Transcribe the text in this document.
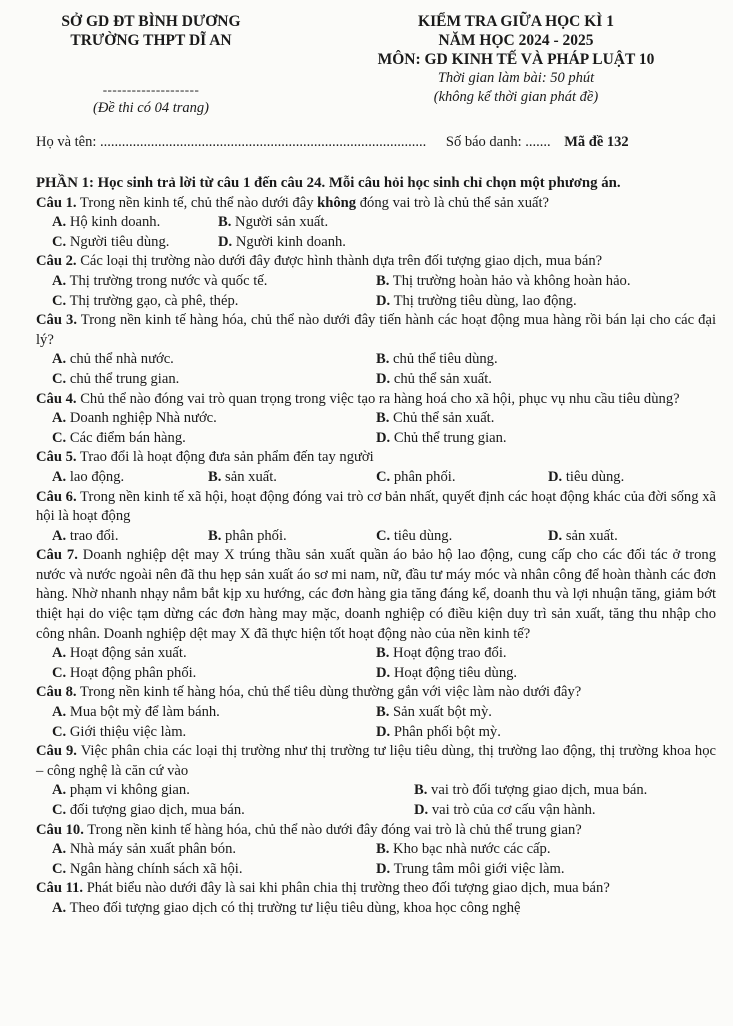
SỞ GD ĐT BÌNH DƯƠNG
TRƯỜNG THPT DĨ AN
--------------------
(Đề thi có 04 trang)
KIỂM TRA GIỮA HỌC KÌ 1
NĂM HỌC 2024 - 2025
MÔN: GD KINH TẾ VÀ PHÁP LUẬT 10
Thời gian làm bài: 50 phút
(không kể thời gian phát đề)
Họ và tên: .......................................................................................... Số báo danh: ....... Mã đề 132

PHẦN 1: Học sinh trả lời từ câu 1 đến câu 24. Mỗi câu hỏi học sinh chỉ chọn một phương án.

Câu 1. Trong nền kinh tế, chủ thể nào dưới đây không đóng vai trò là chủ thể sản xuất?

A. Hộ kinh doanh.	B. Người sản xuất.
C. Người tiêu dùng.	D. Người kinh doanh.

Câu 2. Các loại thị trường nào dưới đây được hình thành dựa trên đối tượng giao dịch, mua bán?

A. Thị trường trong nước và quốc tế.	B. Thị trường hoàn hảo và không hoàn hảo.
C. Thị trường gạo, cà phê, thép.	D. Thị trường tiêu dùng, lao động.

Câu 3. Trong nền kinh tế hàng hóa, chủ thể nào dưới đây tiến hành các hoạt động mua hàng rồi bán lại cho các đại lý?

A. chủ thể nhà nước.	B. chủ thể tiêu dùng.
C. chủ thể trung gian.	D. chủ thể sản xuất.

Câu 4. Chủ thể nào đóng vai trò quan trọng trong việc tạo ra hàng hoá cho xã hội, phục vụ nhu cầu tiêu dùng?

A. Doanh nghiệp Nhà nước.	B. Chủ thể sản xuất.
C. Các điểm bán hàng.	D. Chủ thể trung gian.

Câu 5. Trao đổi là hoạt động đưa sản phẩm đến tay người

A. lao động.	B. sản xuất.	C. phân phối.	D. tiêu dùng.

Câu 6. Trong nền kinh tế xã hội, hoạt động đóng vai trò cơ bản nhất, quyết định các hoạt động khác của đời sống xã hội là hoạt động

A. trao đổi.	B. phân phối.	C. tiêu dùng.	D. sản xuất.

Câu 7. Doanh nghiệp dệt may X trúng thầu sản xuất quần áo bảo hộ lao động, cung cấp cho các đối tác ở trong nước và nước ngoài nên đã thu hẹp sản xuất áo sơ mi nam, nữ, đầu tư máy móc và nhân công để hoàn thành các đơn hàng. Nhờ nhanh nhạy nắm bắt kịp xu hướng, các đơn hàng gia tăng đáng kể, doanh thu và lợi nhuận tăng, giảm bớt thiệt hại do việc tạm dừng các đơn hàng may mặc, doanh nghiệp có điều kiện duy trì sản xuất, tăng thu nhập cho công nhân. Doanh nghiệp dệt may X đã thực hiện tốt hoạt động nào của nền kinh tế?

A. Hoạt động sản xuất.	B. Hoạt động trao đổi.
C. Hoạt động phân phối.	D. Hoạt động tiêu dùng.

Câu 8. Trong nền kinh tế hàng hóa, chủ thể tiêu dùng thường gắn với việc làm nào dưới đây?

A. Mua bột mỳ để làm bánh.	B. Sản xuất bột mỳ.
C. Giới thiệu việc làm.	D. Phân phối bột mỳ.

Câu 9. Việc phân chia các loại thị trường như thị trường tư liệu tiêu dùng, thị trường lao động, thị trường khoa học – công nghệ là căn cứ vào

A. phạm vi không gian.	B. vai trò đối tượng giao dịch, mua bán.
C. đối tượng giao dịch, mua bán.	D. vai trò của cơ cấu vận hành.

Câu 10. Trong nền kinh tế hàng hóa, chủ thể nào dưới đây đóng vai trò là chủ thể trung gian?

A. Nhà máy sản xuất phân bón.	B. Kho bạc nhà nước các cấp.
C. Ngân hàng chính sách xã hội.	D. Trung tâm môi giới việc làm.

Câu 11. Phát biểu nào dưới đây là sai khi phân chia thị trường theo đối tượng giao dịch, mua bán?

A. Theo đối tượng giao dịch có thị trường tư liệu tiêu dùng, khoa học công nghệ
